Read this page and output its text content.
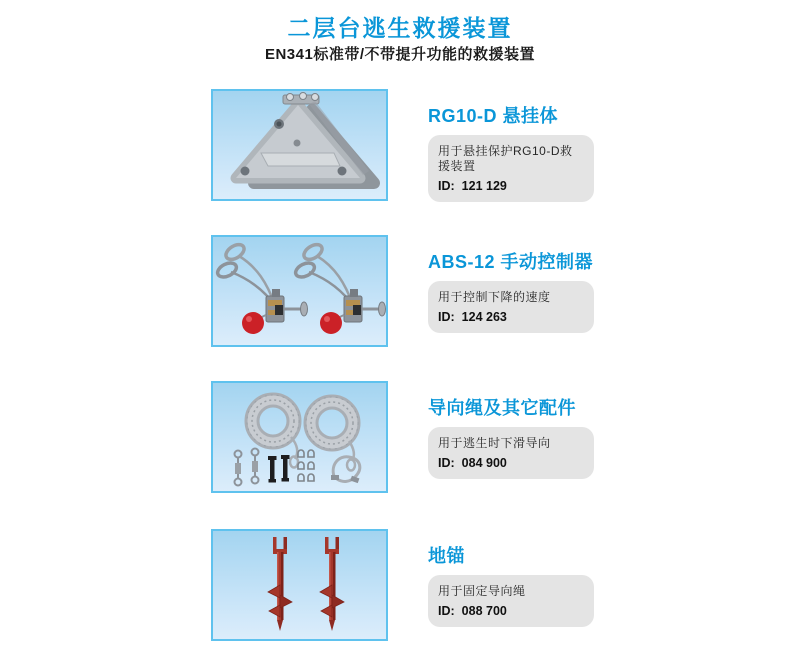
二层台逃生救援装置

EN341标准带/不带提升功能的救援装置

RG10-D 悬挂体

用于悬挂保护RG10-D救援装置

ID: 121 129

ABS-12 手动控制器

用于控制下降的速度

ID: 124 263

导向绳及其它配件

用于逃生时下滑导向

ID: 084 900

地锚

用于固定导向绳

ID: 088 700
